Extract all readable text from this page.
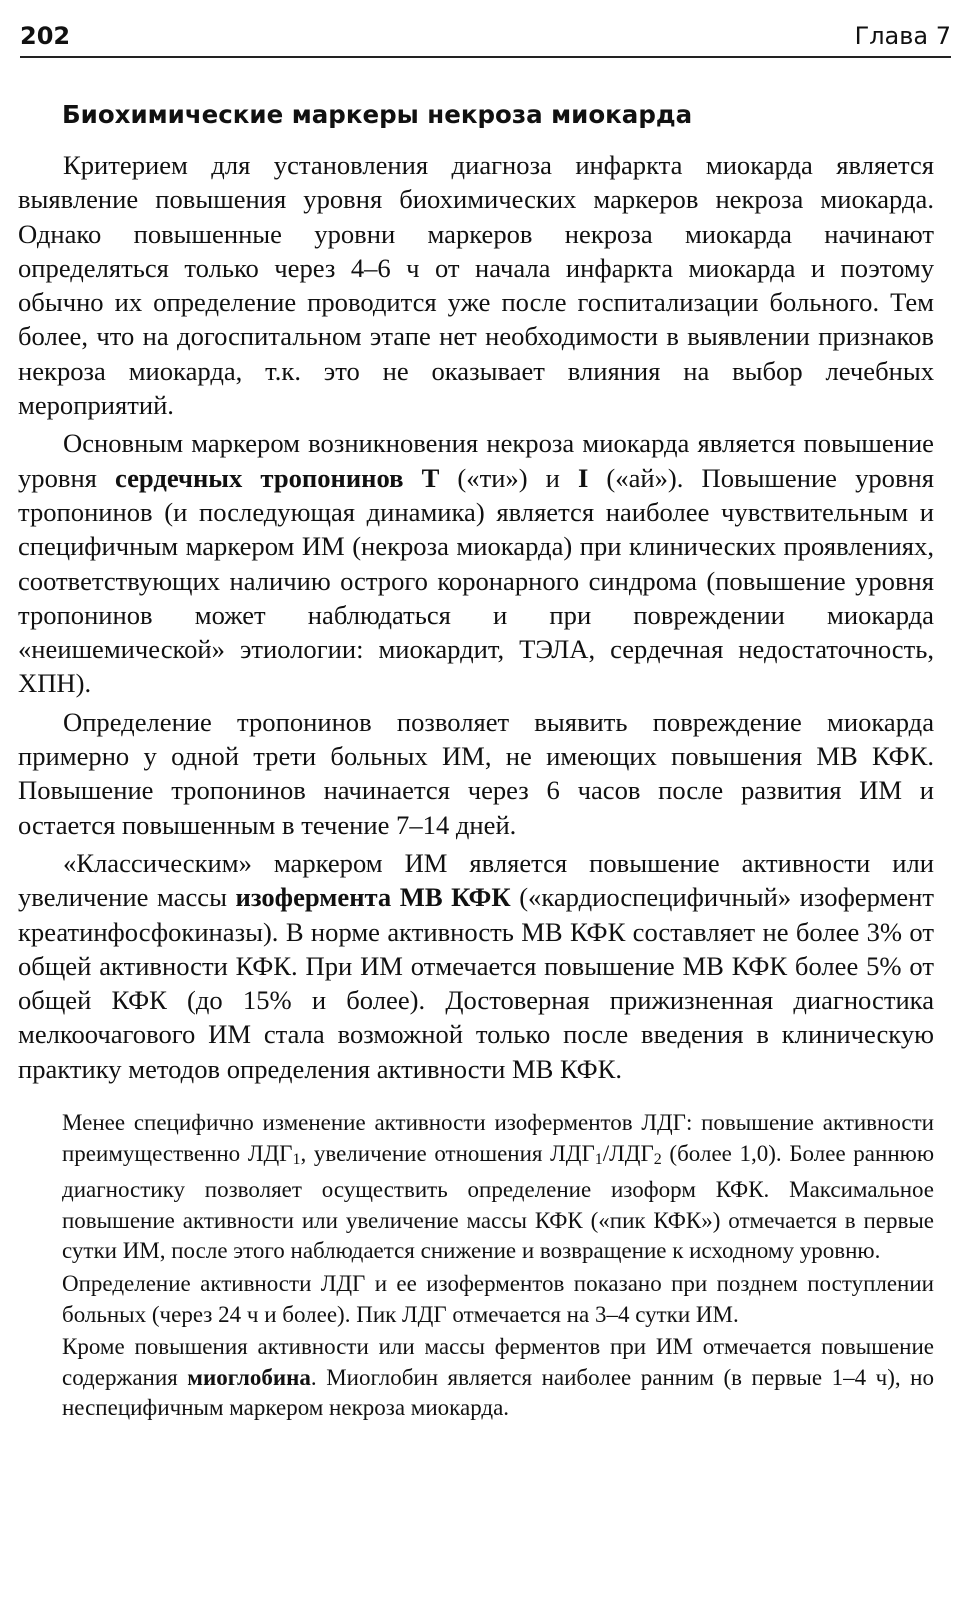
202	Глава 7
Биохимические маркеры некроза миокарда

Критерием для установления диагноза инфаркта миокарда является выявление повышения уровня биохимических маркеров некроза миокарда. Однако повышенные уровни маркеров некроза миокарда начинают определяться только через 4–6 ч от начала инфаркта миокарда и поэтому обычно их определение проводится уже после госпитализации больного. Тем более, что на догоспитальном этапе нет необходимости в выявлении признаков некроза миокарда, т.к. это не оказывает влияния на выбор лечебных мероприятий.

Основным маркером возникновения некроза миокарда является повышение уровня сердечных тропонинов Т («ти») и I («ай»). Повышение уровня тропонинов (и последующая динамика) является наиболее чувствительным и специфичным маркером ИМ (некроза миокарда) при клинических проявлениях, соответствующих наличию острого коронарного синдрома (повышение уровня тропонинов может наблюдаться и при повреждении миокарда «неишемической» этиологии: миокардит, ТЭЛА, сердечная недостаточность, ХПН).

Определение тропонинов позволяет выявить повреждение миокарда примерно у одной трети больных ИМ, не имеющих повышения МВ КФК. Повышение тропонинов начинается через 6 часов после развития ИМ и остается повышенным в течение 7–14 дней.

«Классическим» маркером ИМ является повышение активности или увеличение массы изофермента МВ КФК («кардиоспецифичный» изофермент креатинфосфокиназы). В норме активность МВ КФК составляет не более 3% от общей активности КФК. При ИМ отмечается повышение МВ КФК более 5% от общей КФК (до 15% и более). Достоверная прижизненная диагностика мелкоочагового ИМ стала возможной только после введения в клиническую практику методов определения активности МВ КФК.

Менее специфично изменение активности изоферментов ЛДГ: повышение активности преимущественно ЛДГ1, увеличение отношения ЛДГ1/ЛДГ2 (более 1,0). Более раннюю диагностику позволяет осуществить определение изоформ КФК. Максимальное повышение активности или увеличение массы КФК («пик КФК») отмечается в первые сутки ИМ, после этого наблюдается снижение и возвращение к исходному уровню.

Определение активности ЛДГ и ее изоферментов показано при позднем поступлении больных (через 24 ч и более). Пик ЛДГ отмечается на 3–4 сутки ИМ.

Кроме повышения активности или массы ферментов при ИМ отмечается повышение содержания миоглобина. Миоглобин является наиболее ранним (в первые 1–4 ч), но неспецифичным маркером некроза миокарда.
